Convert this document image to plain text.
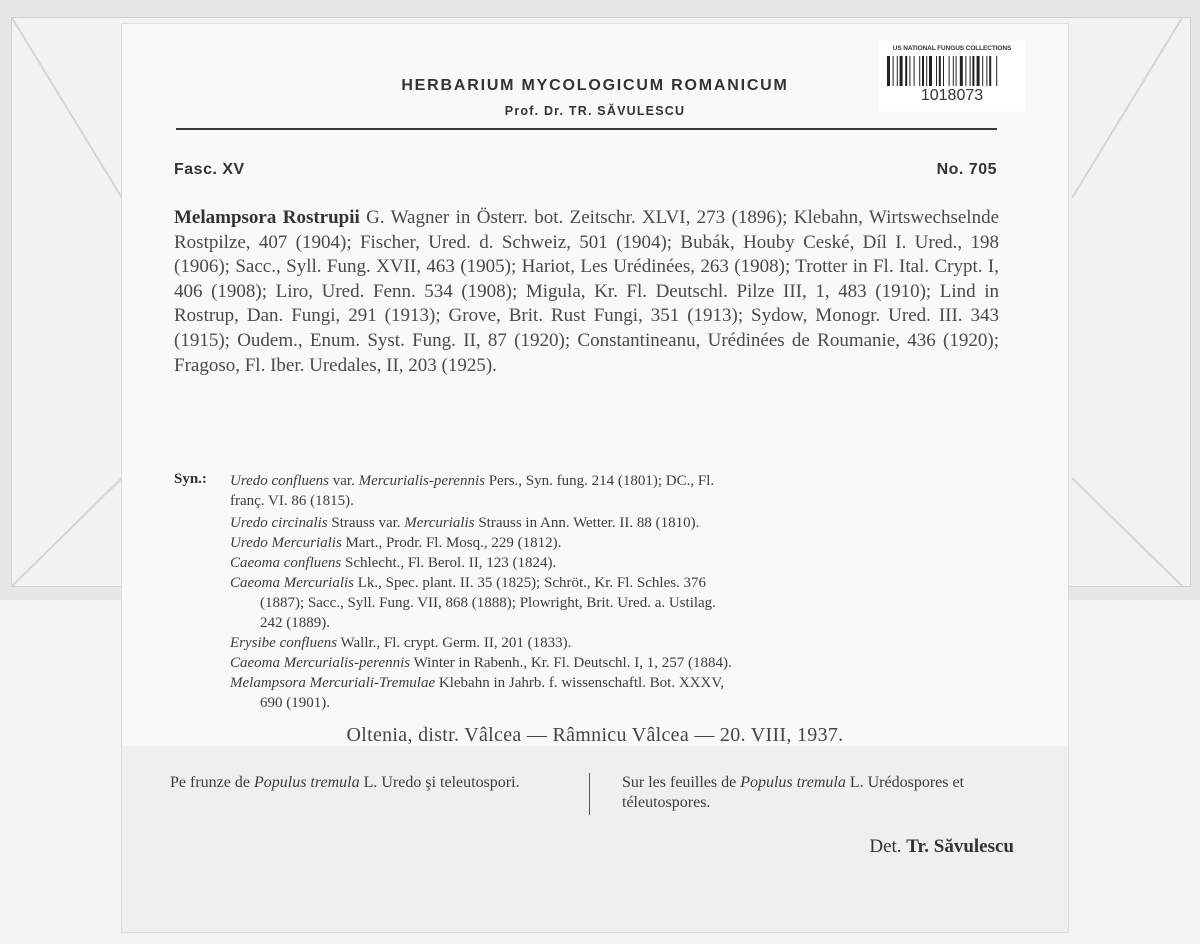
HERBARIUM MYCOLOGICUM ROMANICUM
Prof. Dr. TR. SĂVULESCU
Fasc. XV	No. 705
Melampsora Rostrupii G. Wagner in Österr. bot. Zeitschr. XLVI, 273 (1896); Klebahn, Wirtswechselnde Rostpilze, 407 (1904); Fischer, Ured. d. Schweiz, 501 (1904); Bubák, Houby Ceské, Díl I. Ured., 198 (1906); Sacc., Syll. Fung. XVII, 463 (1905); Hariot, Les Urédinées, 263 (1908); Trotter in Fl. Ital. Crypt. I, 406 (1908); Liro, Ured. Fenn. 534 (1908); Migula, Kr. Fl. Deutschl. Pilze III, 1, 483 (1910); Lind in Rostrup, Dan. Fungi, 291 (1913); Grove, Brit. Rust Fungi, 351 (1913); Sydow, Monogr. Ured. III. 343 (1915); Oudem., Enum. Syst. Fung. II, 87 (1920); Constantineanu, Urédinées de Roumanie, 436 (1920); Fragoso, Fl. Iber. Uredales, II, 203 (1925).
Syn.: Uredo confluens var. Mercurialis-perennis Pers., Syn. fung. 214 (1801); DC., Fl.
franç. VI. 86 (1815).
Uredo circinalis Strauss var. Mercurialis Strauss in Ann. Wetter. II. 88 (1810).
Uredo Mercurialis Mart., Prodr. Fl. Mosq., 229 (1812).
Caeoma confluens Schlecht., Fl. Berol. II, 123 (1824).
Caeoma Mercurialis Lk., Spec. plant. II. 35 (1825); Schröt., Kr. Fl. Schles. 376
(1887); Sacc., Syll. Fung. VII, 868 (1888); Plowright, Brit. Ured. a. Ustilag.
242 (1889).
Erysibe confluens Wallr., Fl. crypt. Germ. II, 201 (1833).
Caeoma Mercurialis-perennis Winter in Rabenh., Kr. Fl. Deutschl. I, 1, 257 (1884).
Melampsora Mercuriali-Tremulae Klebahn in Jahrb. f. wissenschaftl. Bot. XXXV,
690 (1901).
Oltenia, distr. Vâlcea — Râmnicu Vâlcea — 20. VIII, 1937.
Pe frunze de Populus tremula L. Uredo şi teleutospori.	Sur les feuilles de Populus tremula L. Urédospores et téleutospores.
Det. Tr. Săvulescu
US NATIONAL FUNGUS COLLECTIONS
1018073
